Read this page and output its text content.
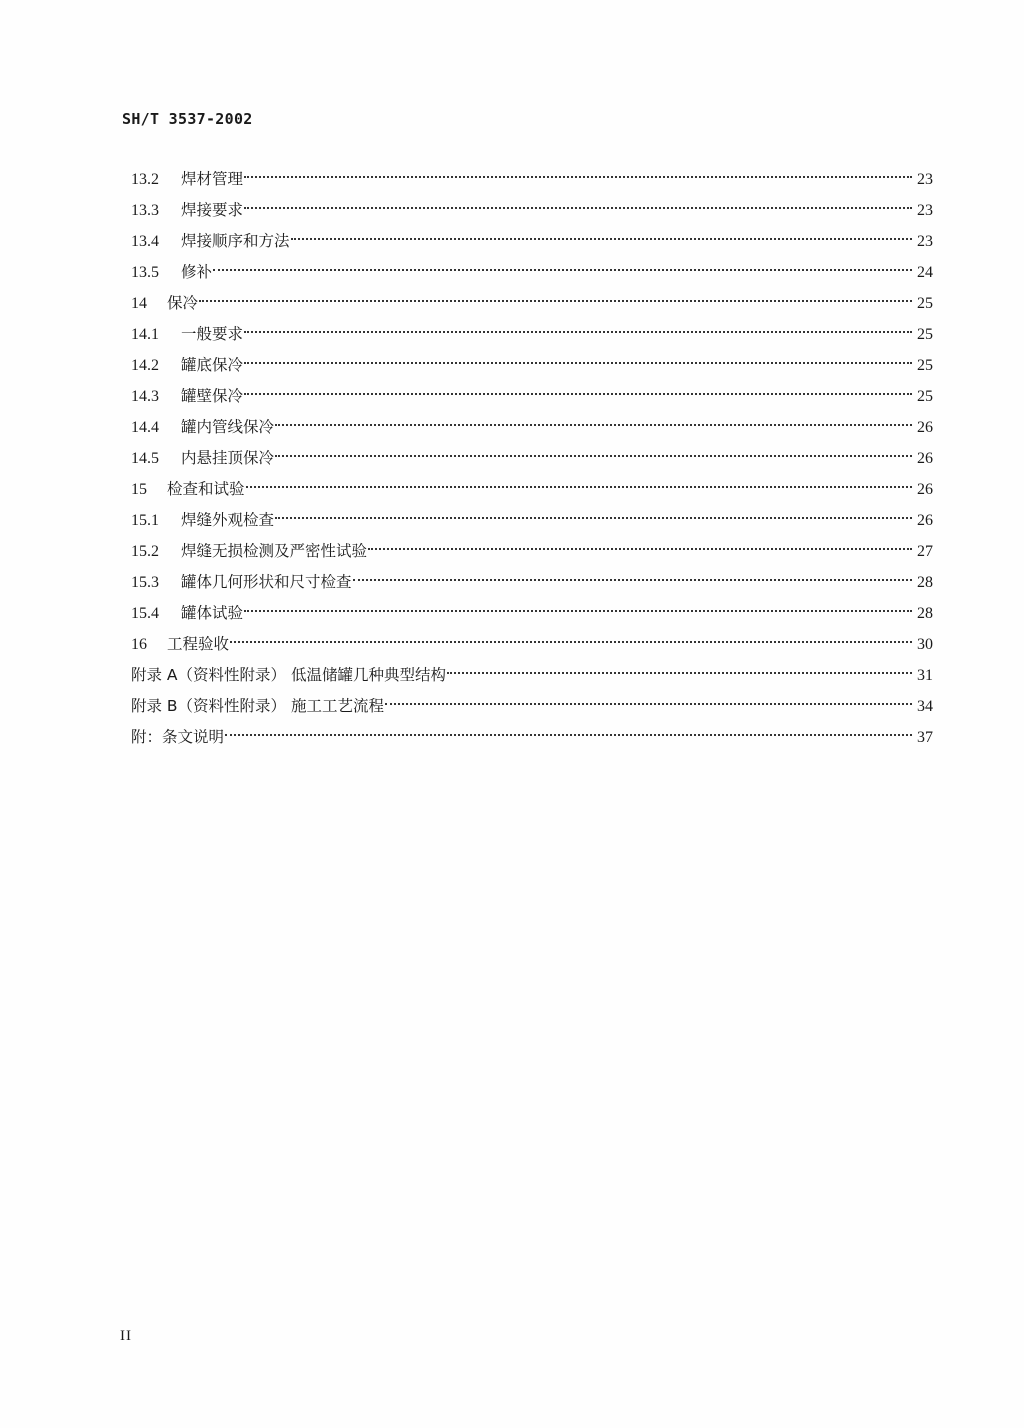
SH/T 3537-2002
13.2	焊材管理	23
13.3	焊接要求	23
13.4	焊接顺序和方法	23
13.5	修补	24
14	保冷	25
14.1	一般要求	25
14.2	罐底保冷	25
14.3	罐壁保冷	25
14.4	罐内管线保冷	26
14.5	内悬挂顶保冷	26
15	检查和试验	26
15.1	焊缝外观检查	26
15.2	焊缝无损检测及严密性试验	27
15.3	罐体几何形状和尺寸检查	28
15.4	罐体试验	28
16	工程验收	30
附录 A（资料性附录） 低温储罐几种典型结构	31
附录 B（资料性附录） 施工工艺流程	34
附：条文说明	37
II
